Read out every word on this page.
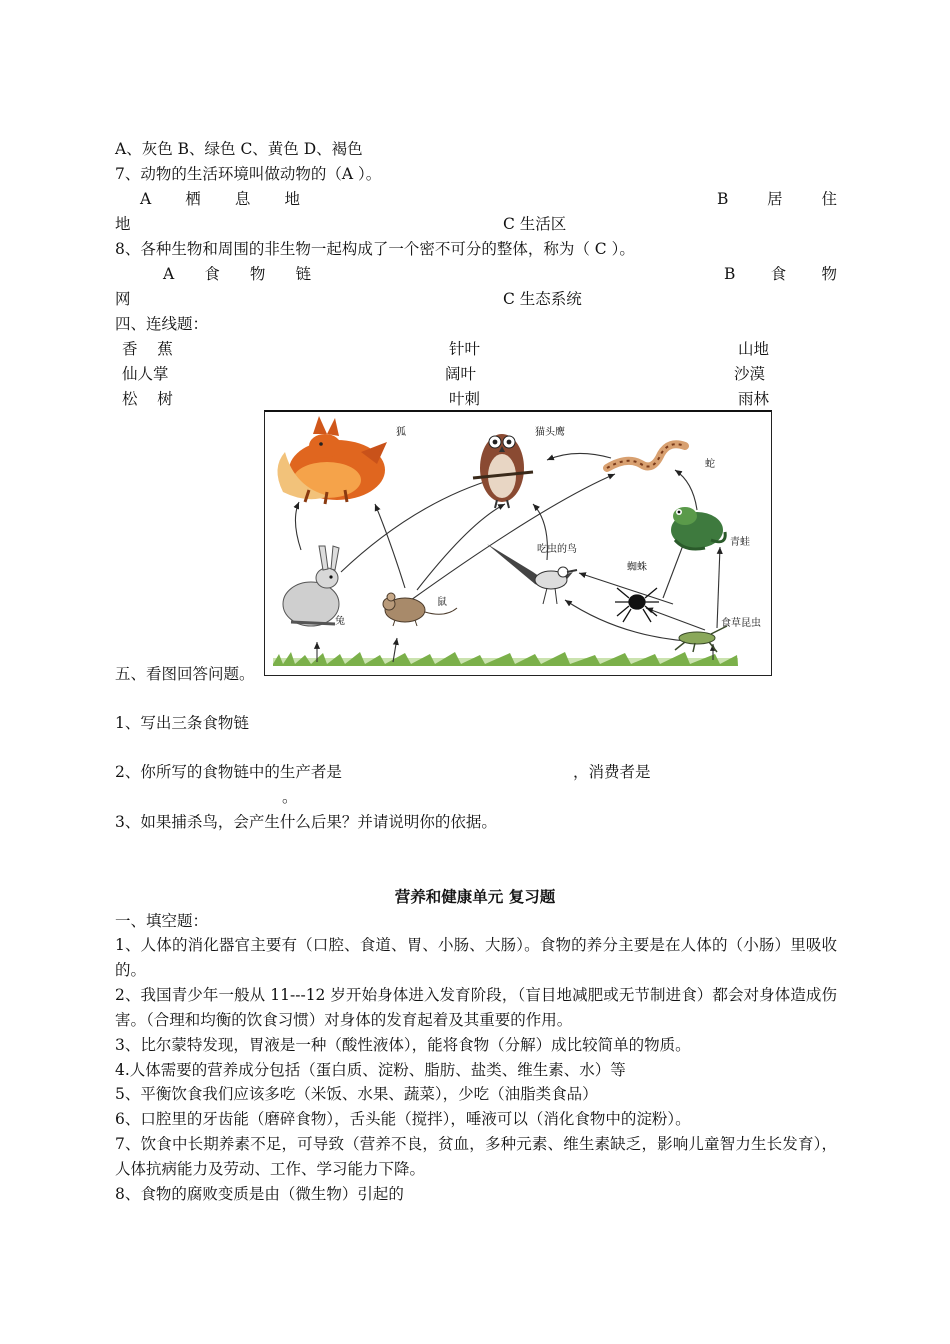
A、灰色 B、绿色 C、黄色 D、褐色
7、动物的生活环境叫做动物的（A ）。
A 栖 息 地	B	居	住
地	C 生活区
8、各种生物和周围的非生物一起构成了一个密不可分的整体，称为（ C ）。
A 食 物 链	B 食 物
网	C 生态系统
四、连线题：
香    蕉	针叶	山地
仙人掌	阔叶	沙漠
松    树	叶刺	雨林
狐	猫头鹰
蛇
青蛙
兔
鼠
吃虫的鸟
蜘蛛
食草昆虫
五、看图回答问题。
1、写出三条食物链
2、你所写的食物链中的生产者是	，消费者是
。
3、如果捕杀鸟，会产生什么后果？并请说明你的依据。
营养和健康单元 复习题
一、填空题：
1、人体的消化器官主要有（口腔、食道、胃、小肠、大肠）。食物的养分主要是在人体的（小肠）里吸收的。
2、我国青少年一般从 11---12 岁开始身体进入发育阶段，（盲目地减肥或无节制进食）都会对身体造成伤害。（合理和均衡的饮食习惯）对身体的发育起着及其重要的作用。
3、比尔蒙特发现，胃液是一种（酸性液体），能将食物（分解）成比较简单的物质。
4.人体需要的营养成分包括（蛋白质、淀粉、脂肪、盐类、维生素、水）等
5、平衡饮食我们应该多吃（米饭、水果、蔬菜），少吃（油脂类食品）
6、口腔里的牙齿能（磨碎食物），舌头能（搅拌），唾液可以（消化食物中的淀粉）。
7、饮食中长期养素不足，可导致（营养不良，贫血，多种元素、维生素缺乏，影响儿童智力生长发育），人体抗病能力及劳动、工作、学习能力下降。
8、食物的腐败变质是由（微生物）引起的
